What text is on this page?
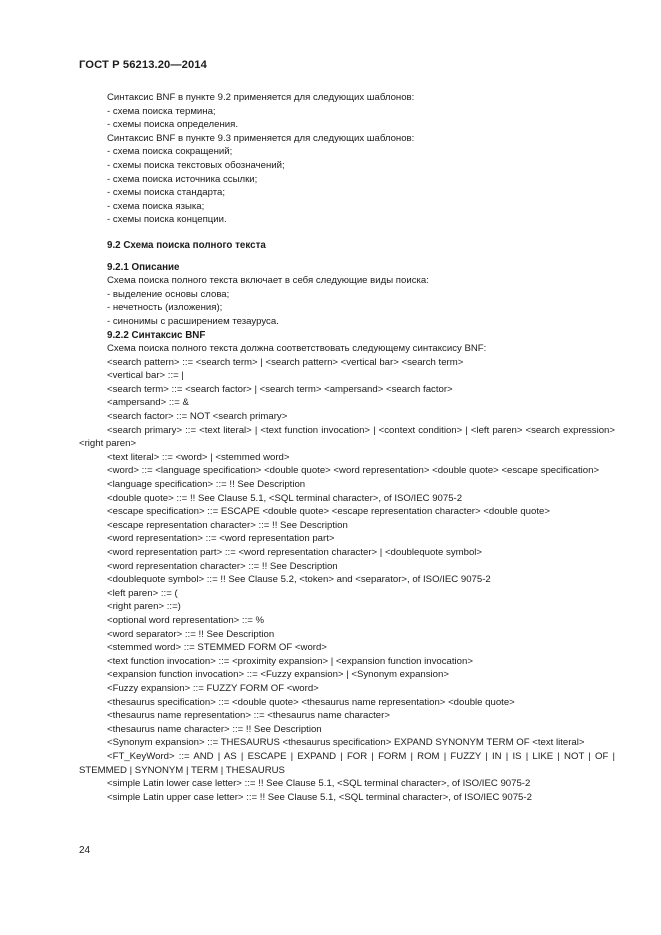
ГОСТ Р 56213.20—2014

Синтаксис BNF в пункте 9.2 применяется для следующих шаблонов:

- схема поиска термина;

- схемы поиска определения.

Синтаксис BNF в пункте 9.3 применяется для следующих шаблонов:

- схема поиска сокращений;

- схемы поиска текстовых обозначений;

- схема поиска источника ссылки;

- схемы поиска стандарта;

- схема поиска языка;

- схемы поиска концепции.

9.2 Схема поиска полного текста

9.2.1 Описание

Схема поиска полного текста включает в себя следующие виды поиска:

- выделение основы слова;

- нечетность (изложения);

- синонимы с расширением тезауруса.

9.2.2 Синтаксис BNF

Схема поиска полного текста должна соответствовать следующему синтаксису BNF:

<search pattern> ::= <search term> | <search pattern> <vertical bar> <search term>

<vertical bar> ::= |

<search term> ::= <search factor> | <search term> <ampersand> <search factor>

<ampersand> ::= &

<search factor> ::= NOT <search primary>

<search primary> ::= <text literal> | <text function invocation> | <context condition> | <left paren> <search expression> <right paren>

<text literal> ::= <word> | <stemmed word>

<word> ::= <language specification> <double quote> <word representation> <double quote> <escape specification>

<language specification> ::= !! See Description

<double quote> ::= !! See Clause 5.1, <SQL terminal character>, of ISO/IEC 9075-2

<escape specification> ::= ESCAPE <double quote> <escape representation character> <double quote>

<escape representation character> ::= !! See Description

<word representation> ::= <word representation part>

<word representation part> ::= <word representation character> | <doublequote symbol>

<word representation character> ::= !! See Description

<doublequote symbol> ::= !! See Clause 5.2, <token> and <separator>, of ISO/IEC 9075-2

<left paren> ::= (

<right paren> ::=)

<optional word representation> ::= %

<word separator> ::= !! See Description

<stemmed word> ::= STEMMED FORM OF <word>

<text function invocation> ::= <proximity expansion> | <expansion function invocation>

<expansion function invocation> ::= <Fuzzy expansion> | <Synonym expansion>

<Fuzzy expansion> ::= FUZZY FORM OF <word>

<thesaurus specification> ::= <double quote> <thesaurus name representation> <double quote>

<thesaurus name representation> ::= <thesaurus name character>

<thesaurus name character> ::= !! See Description

<Synonym expansion> ::= THESAURUS <thesaurus specification> EXPAND SYNONYM TERM OF <text literal>

<FT_KeyWord> ::= AND | AS | ESCAPE | EXPAND | FOR | FORM | ROM | FUZZY | IN | IS | LIKE | NOT | OF | STEMMED | SYNONYM | TERM | THESAURUS

<simple Latin lower case letter> ::= !! See Clause 5.1, <SQL terminal character>, of ISO/IEC 9075-2

<simple Latin upper case letter> ::= !! See Clause 5.1, <SQL terminal character>, of ISO/IEC 9075-2

24
